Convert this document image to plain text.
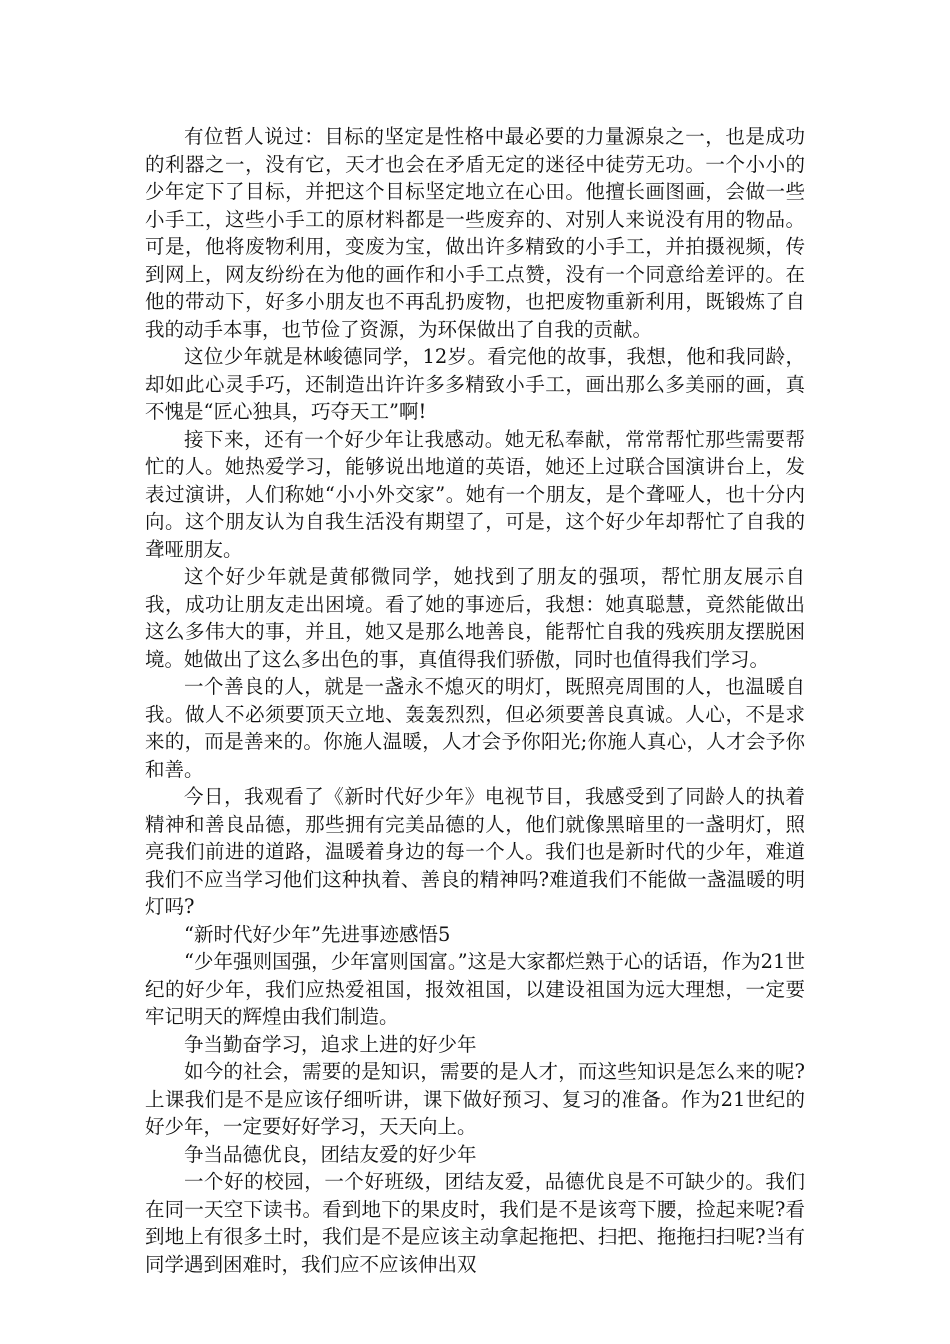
有位哲人说过：目标的坚定是性格中最必要的力量源泉之一，也是成功的利器之一，没有它，天才也会在矛盾无定的迷径中徒劳无功。一个小小的少年定下了目标，并把这个目标坚定地立在心田。他擅长画图画，会做一些小手工，这些小手工的原材料都是一些废弃的、对别人来说没有用的物品。可是，他将废物利用，变废为宝，做出许多精致的小手工，并拍摄视频，传到网上，网友纷纷在为他的画作和小手工点赞，没有一个同意给差评的。在他的带动下，好多小朋友也不再乱扔废物，也把废物重新利用，既锻炼了自我的动手本事，也节俭了资源，为环保做出了自我的贡献。

这位少年就是林峻德同学，12岁。看完他的故事，我想，他和我同龄，却如此心灵手巧，还制造出许许多多精致小手工，画出那么多美丽的画，真不愧是“匠心独具，巧夺天工”啊!

接下来，还有一个好少年让我感动。她无私奉献，常常帮忙那些需要帮忙的人。她热爱学习，能够说出地道的英语，她还上过联合国演讲台上，发表过演讲，人们称她“小小外交家”。她有一个朋友，是个聋哑人，也十分内向。这个朋友认为自我生活没有期望了，可是，这个好少年却帮忙了自我的聋哑朋友。

这个好少年就是黄郁微同学，她找到了朋友的强项，帮忙朋友展示自我，成功让朋友走出困境。看了她的事迹后，我想：她真聪慧，竟然能做出这么多伟大的事，并且，她又是那么地善良，能帮忙自我的残疾朋友摆脱困境。她做出了这么多出色的事，真值得我们骄傲，同时也值得我们学习。

一个善良的人，就是一盏永不熄灭的明灯，既照亮周围的人，也温暖自我。做人不必须要顶天立地、轰轰烈烈，但必须要善良真诚。人心，不是求来的，而是善来的。你施人温暖，人才会予你阳光;你施人真心，人才会予你和善。

今日，我观看了《新时代好少年》电视节目，我感受到了同龄人的执着精神和善良品德，那些拥有完美品德的人，他们就像黑暗里的一盏明灯，照亮我们前进的道路，温暖着身边的每一个人。我们也是新时代的少年，难道我们不应当学习他们这种执着、善良的精神吗?难道我们不能做一盏温暖的明灯吗?

“新时代好少年”先进事迹感悟5

“少年强则国强，少年富则国富。”这是大家都烂熟于心的话语，作为21世纪的好少年，我们应热爱祖国，报效祖国，以建设祖国为远大理想，一定要牢记明天的辉煌由我们制造。

争当勤奋学习，追求上进的好少年

如今的社会，需要的是知识，需要的是人才，而这些知识是怎么来的呢?上课我们是不是应该仔细听讲，课下做好预习、复习的准备。作为21世纪的好少年，一定要好好学习，天天向上。

争当品德优良，团结友爱的好少年

一个好的校园，一个好班级，团结友爱，品德优良是不可缺少的。我们在同一天空下读书。看到地下的果皮时，我们是不是该弯下腰，捡起来呢?看到地上有很多土时，我们是不是应该主动拿起拖把、扫把、拖拖扫扫呢?当有同学遇到困难时，我们应不应该伸出双
